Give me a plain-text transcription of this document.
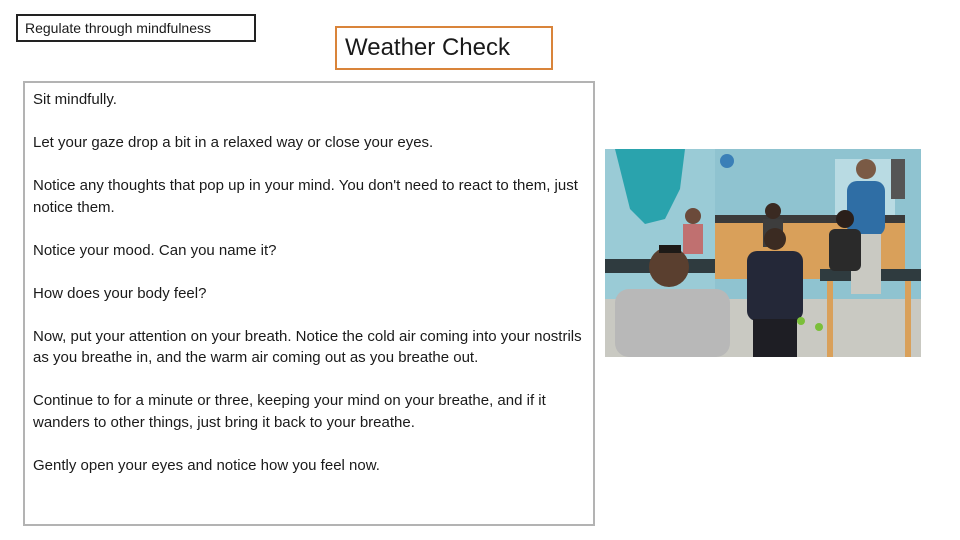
Regulate through mindfulness
Weather Check

Sit mindfully.

Let your gaze drop a bit in a relaxed way or close your eyes.

Notice any thoughts that pop up in your mind. You don't need to react to them, just notice them.

Notice your mood. Can you name it?

How does your body feel?

Now, put your attention on your breath. Notice the cold air coming into your nostrils as you breathe in, and the warm air coming out as you breathe out.

Continue to for a minute or three, keeping your mind on your breathe, and if it wanders to other things, just bring it back to your breathe.

Gently open your eyes and notice how you feel now.
